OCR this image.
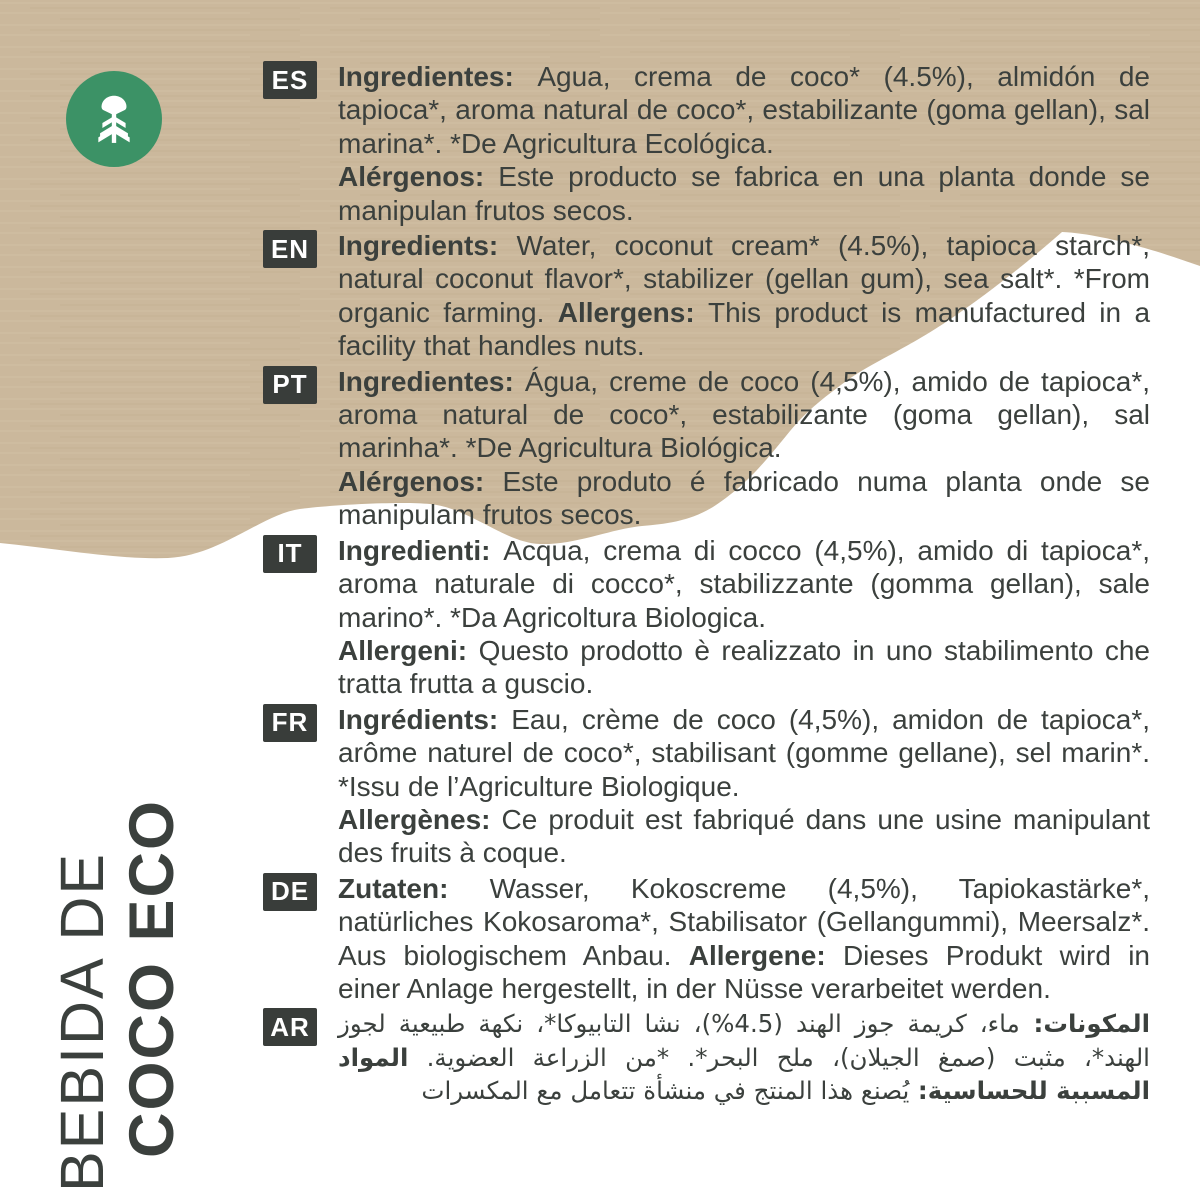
ES	Ingredientes: Agua, crema de coco* (4.5%), almidón de tapioca*, aroma natural de coco*, estabilizante (goma gellan), sal marina*. *De Agricultura Ecológica.
Alérgenos: Este producto se fabrica en una planta donde se manipulan frutos secos.

EN Ingredients: Water, coconut cream* (4.5%), tapioca starch*, natural coconut flavor*, stabilizer (gellan gum), sea salt*. *From organic farming. Allergens: This product is manufactured in a facility that handles nuts.

PT	Ingredientes: Água, creme de coco (4,5%), amido de tapioca*, aroma natural de coco*, estabilizante (goma gellan), sal marinha*. *De Agricultura Biológica.
Alérgenos: Este produto é fabricado numa planta onde se manipulam frutos secos.

IT	Ingredienti: Acqua, crema di cocco (4,5%), amido di tapioca*, aroma naturale di cocco*, stabilizzante (gomma gellan), sale marino*. *Da Agricoltura Biologica.
Allergeni: Questo prodotto è realizzato in uno stabilimento che tratta frutta a guscio.

FR	Ingrédients: Eau, crème de coco (4,5%), amidon de tapioca*, arôme naturel de coco*, stabilisant (gomme gellane), sel marin*. *Issu de l’Agriculture Biologique.
Allergènes: Ce produit est fabriqué dans une usine manipulant des fruits à coque.

DE Zutaten: Wasser, Kokoscreme (4,5%), Tapiokastärke*, natürliches Kokosaroma*, Stabilisator (Gellangummi), Meersalz*. Aus biologischem Anbau. Allergene: Dieses Produkt wird in einer Anlage hergestellt, in der Nüsse verarbeitet werden.

AR	المكونات: ماء، كريمة جوز الهند (4.5%)، نشا التابيوكا*، نكهة طبيعية لجوز الهند*، مثبت (صمغ الجيلان)، ملح البحر*. *من الزراعة العضوية. المواد المسببة للحساسية: يُصنع هذا المنتج في منشأة تتعامل مع المكسرات

BEBIDA DE COCO ECO
